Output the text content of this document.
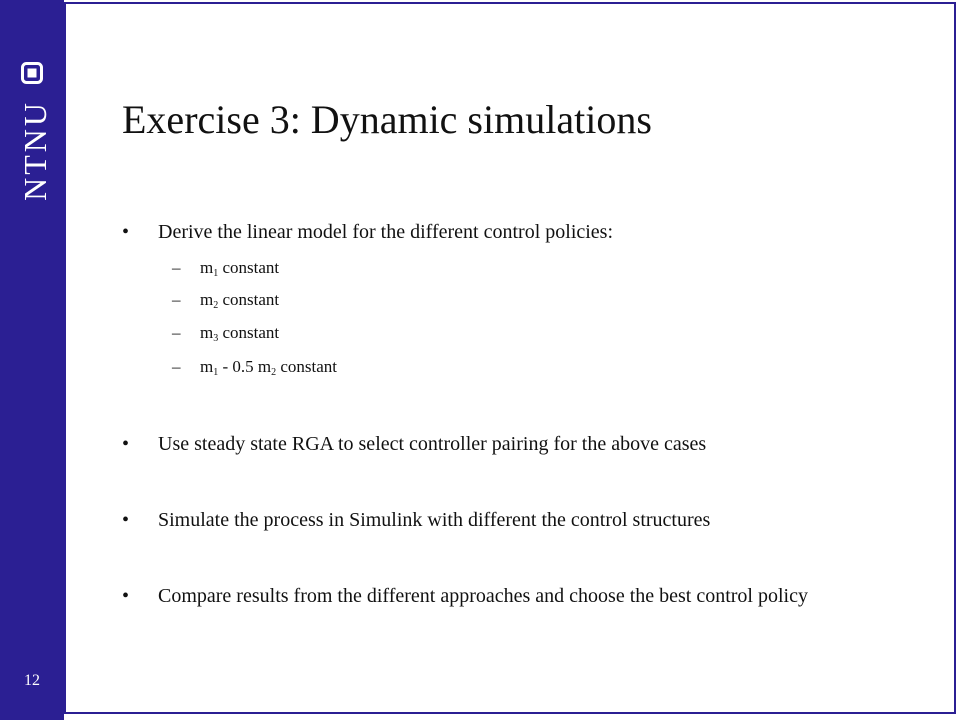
NTNU
12
Exercise 3: Dynamic simulations
• Derive the linear model for the different control policies:
– $m_1$ constant
– $m_2$ constant
– $m_3$ constant
– $m_1 - 0.5$ $m_2$ constant
• Use steady state RGA to select controller pairing for the above cases
• Simulate the process in Simulink with different the control structures
• Compare results from the different approaches and choose the best control policy
